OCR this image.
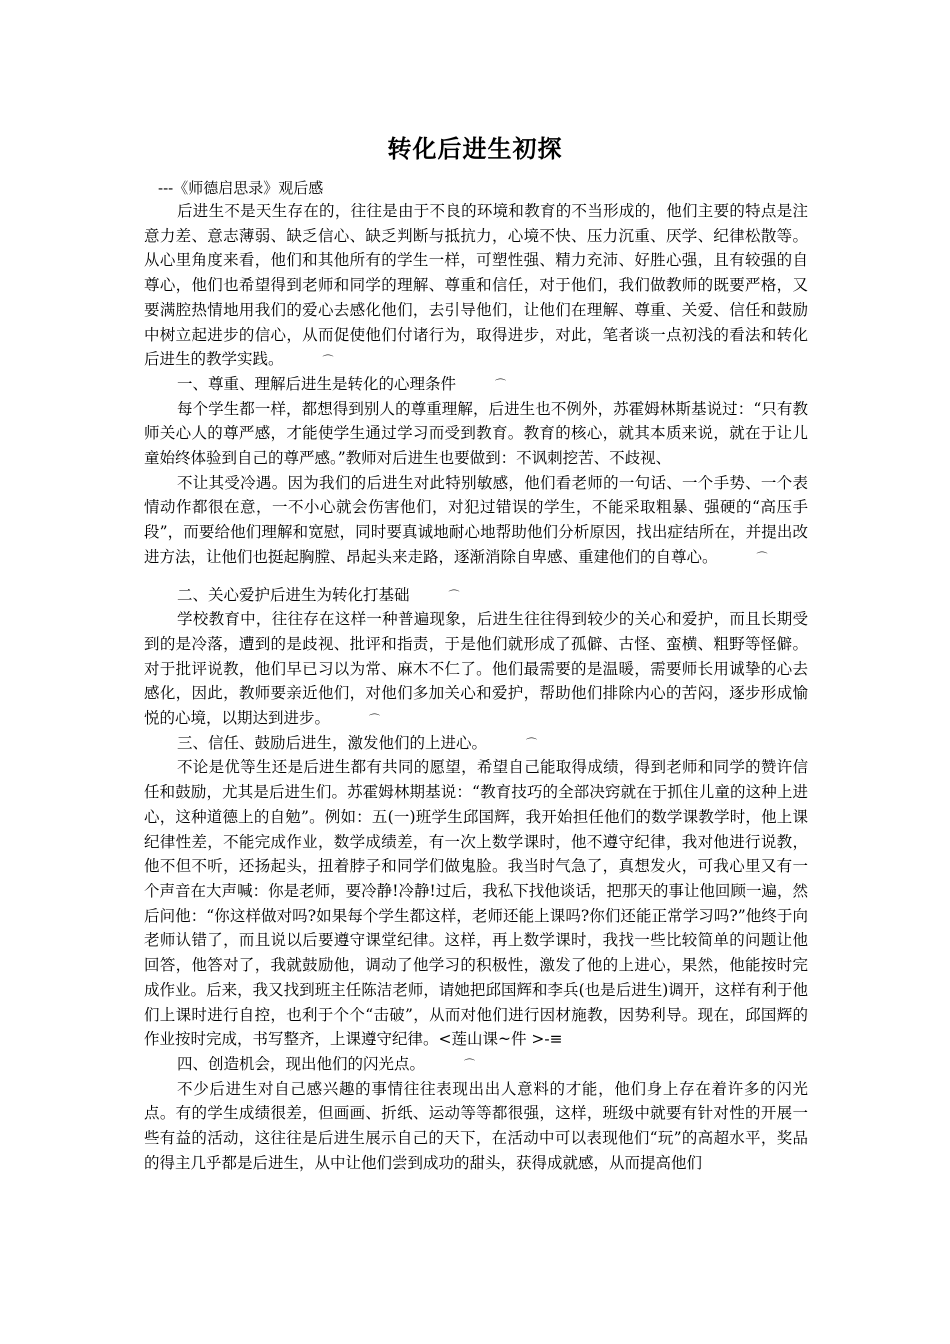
转化后进生初探
---《师德启思录》观后感

后进生不是天生存在的，往往是由于不良的环境和教育的不当形成的，他们主要的特点是注意力差、意志薄弱、缺乏信心、缺乏判断与抵抗力，心境不快、压力沉重、厌学、纪律松散等。从心里角度来看，他们和其他所有的学生一样，可塑性强、精力充沛、好胜心强，且有较强的自尊心，他们也希望得到老师和同学的理解、尊重和信任，对于他们，我们做教师的既要严格，又要满腔热情地用我们的爱心去感化他们，去引导他们，让他们在理解、尊重、关爱、信任和鼓励中树立起进步的信心，从而促使他们付诸行为，取得进步，对此，笔者谈一点初浅的看法和转化后进生的教学实践。	⌒

一、尊重、理解后进生是转化的心理条件	⌒

每个学生都一样，都想得到别人的尊重理解，后进生也不例外，苏霍姆林斯基说过：“只有教师关心人的尊严感，才能使学生通过学习而受到教育。教育的核心，就其本质来说，就在于让儿童始终体验到自己的尊严感。”教师对后进生也要做到：不讽刺挖苦、不歧视、

不让其受冷遇。因为我们的后进生对此特别敏感，他们看老师的一句话、一个手势、一个表情动作都很在意，一不小心就会伤害他们，对犯过错误的学生，不能采取粗暴、强硬的“高压手段”，而要给他们理解和宽慰，同时要真诚地耐心地帮助他们分析原因，找出症结所在，并提出改进方法，让他们也挺起胸膛、昂起头来走路，逐渐消除自卑感、重建他们的自尊心。	⌒

二、关心爱护后进生为转化打基础	⌒

学校教育中，往往存在这样一种普遍现象，后进生往往得到较少的关心和爱护，而且长期受到的是冷落，遭到的是歧视、批评和指责，于是他们就形成了孤僻、古怪、蛮横、粗野等怪僻。对于批评说教，他们早已习以为常、麻木不仁了。他们最需要的是温暖，需要师长用诚挚的心去感化，因此，教师要亲近他们，对他们多加关心和爱护，帮助他们排除内心的苦闷，逐步形成愉悦的心境，以期达到进步。	⌒

三、信任、鼓励后进生，激发他们的上进心。	⌒

不论是优等生还是后进生都有共同的愿望，希望自己能取得成绩，得到老师和同学的赞许信任和鼓励，尤其是后进生们。苏霍姆林期基说：“教育技巧的全部决窍就在于抓住儿童的这种上进心，这种道德上的自勉”。例如：五(一)班学生邱国辉，我开始担任他们的数学课教学时，他上课纪律性差，不能完成作业，数学成绩差，有一次上数学课时，他不遵守纪律，我对他进行说教，他不但不听，还扬起头，扭着脖子和同学们做鬼脸。我当时气急了，真想发火，可我心里又有一个声音在大声喊：你是老师，要冷静!冷静!过后，我私下找他谈话，把那天的事让他回顾一遍，然后问他：“你这样做对吗?如果每个学生都这样，老师还能上课吗?你们还能正常学习吗?”他终于向老师认错了，而且说以后要遵守课堂纪律。这样，再上数学课时，我找一些比较简单的问题让他回答，他答对了，我就鼓励他，调动了他学习的积极性，激发了他的上进心，果然，他能按时完成作业。后来，我又找到班主任陈洁老师，请她把邱国辉和李兵(也是后进生)调开，这样有利于他们上课时进行自控，也利于个个“击破”，从而对他们进行因材施教，因势利导。现在，邱国辉的作业按时完成，书写整齐，上课遵守纪律。<莲山课~件 >-≡

四、创造机会，现出他们的闪光点。	⌒

不少后进生对自己感兴趣的事情往往表现出出人意料的才能，他们身上存在着许多的闪光点。有的学生成绩很差，但画画、折纸、运动等等都很强，这样，班级中就要有针对性的开展一些有益的活动，这往往是后进生展示自己的天下，在活动中可以表现他们“玩”的高超水平，奖品的得主几乎都是后进生，从中让他们尝到成功的甜头，获得成就感，从而提高他们
